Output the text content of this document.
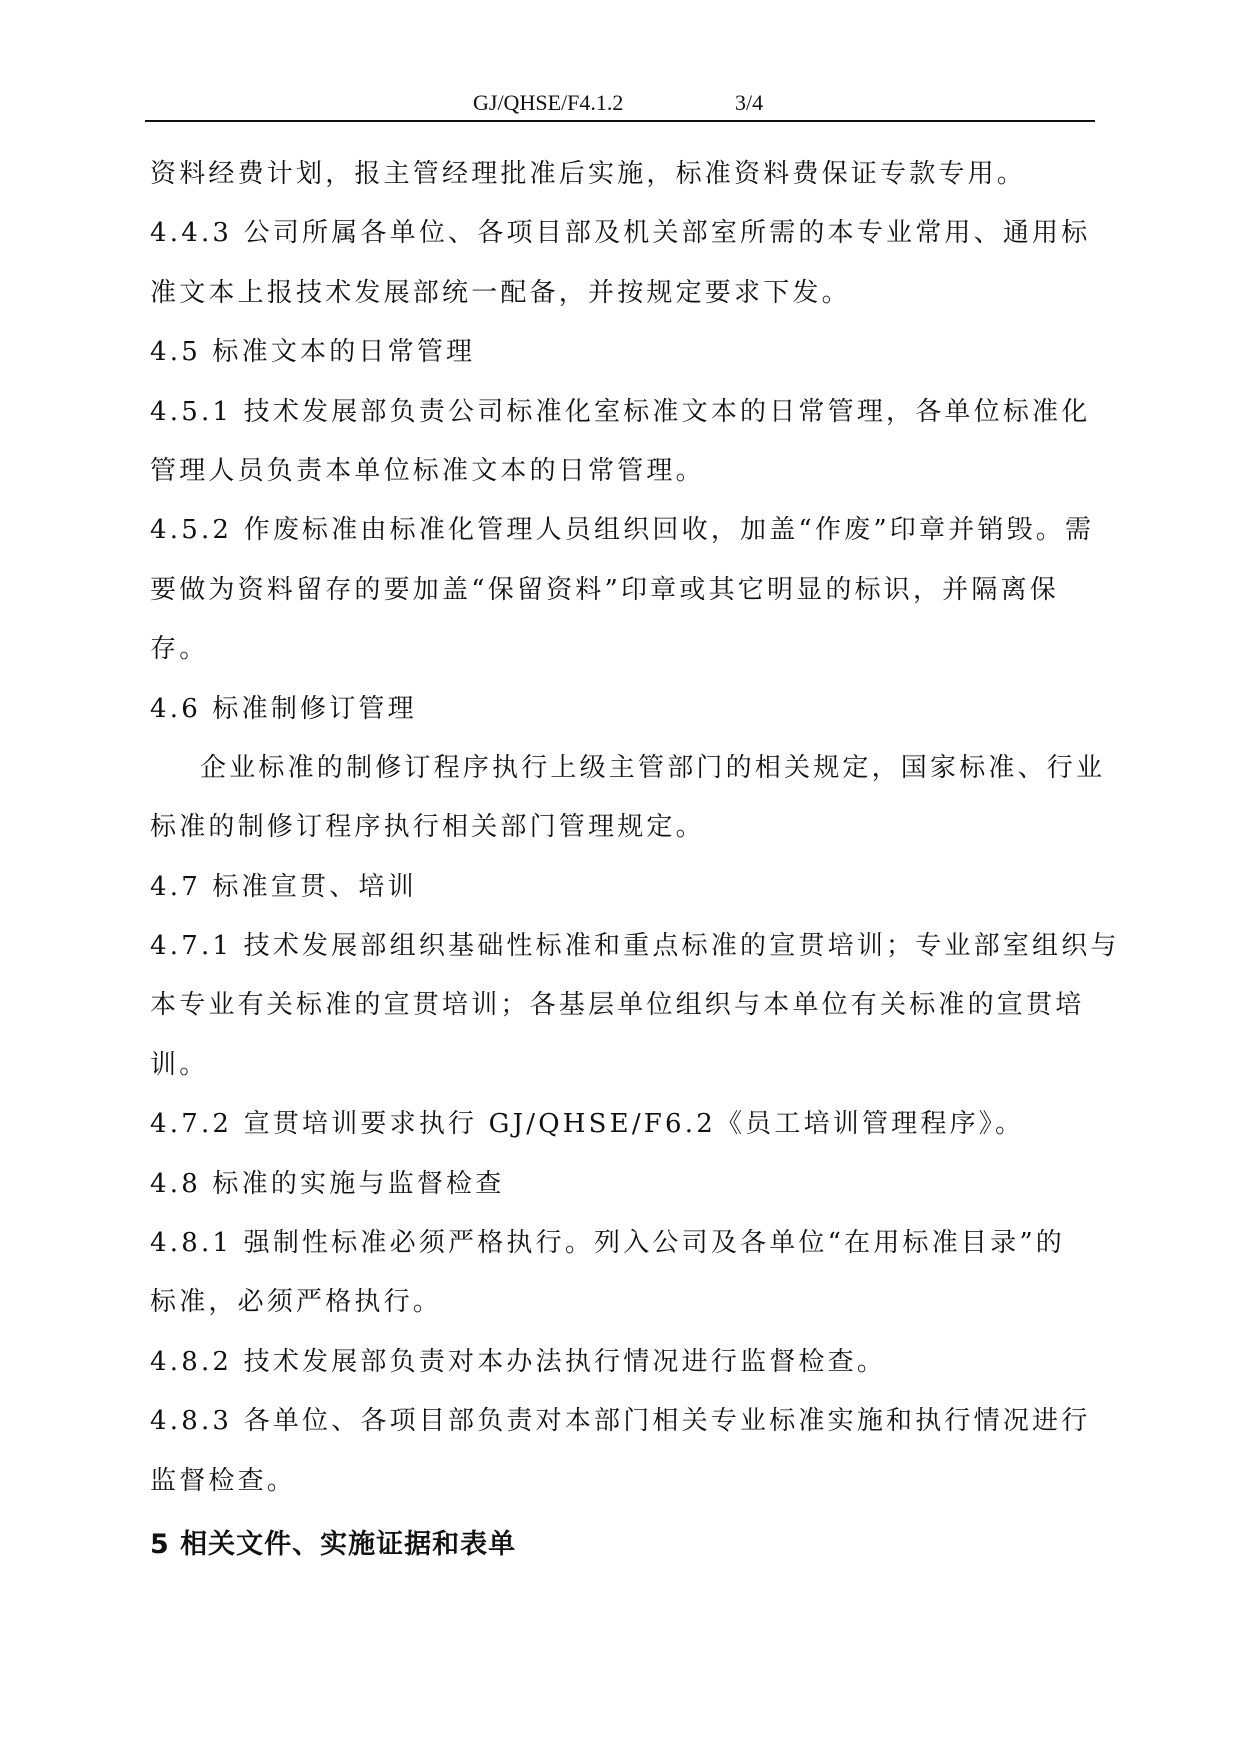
GJ/QHSE/F4.1.2	3/4
资料经费计划，报主管经理批准后实施，标准资料费保证专款专用。
4.4.3 公司所属各单位、各项目部及机关部室所需的本专业常用、通用标
准文本上报技术发展部统一配备，并按规定要求下发。
4.5 标准文本的日常管理
4.5.1 技术发展部负责公司标准化室标准文本的日常管理，各单位标准化
管理人员负责本单位标准文本的日常管理。
4.5.2 作废标准由标准化管理人员组织回收，加盖“作废”印章并销毁。需
要做为资料留存的要加盖“保留资料”印章或其它明显的标识，并隔离保
存。
4.6 标准制修订管理
企业标准的制修订程序执行上级主管部门的相关规定，国家标准、行业
标准的制修订程序执行相关部门管理规定。
4.7 标准宣贯、培训
4.7.1 技术发展部组织基础性标准和重点标准的宣贯培训；专业部室组织与
本专业有关标准的宣贯培训；各基层单位组织与本单位有关标准的宣贯培
训。
4.7.2 宣贯培训要求执行 GJ/QHSE/F6.2《员工培训管理程序》。
4.8 标准的实施与监督检查
4.8.1 强制性标准必须严格执行。列入公司及各单位“在用标准目录”的
标准，必须严格执行。
4.8.2 技术发展部负责对本办法执行情况进行监督检查。
4.8.3 各单位、各项目部负责对本部门相关专业标准实施和执行情况进行
监督检查。
5 相关文件、实施证据和表单
